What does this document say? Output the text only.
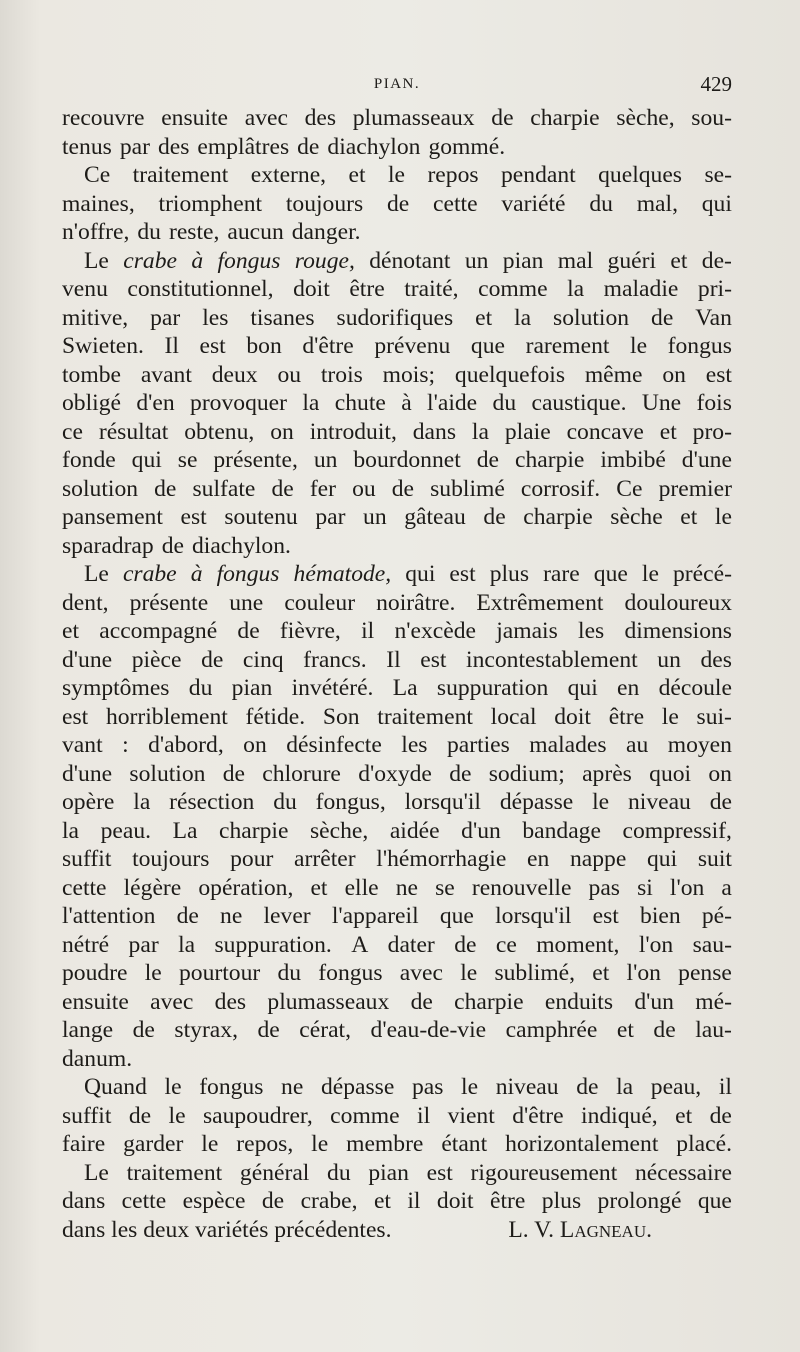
PIAN.	429
recouvre ensuite avec des plumasseaux de charpie sèche, sou-
tenus par des emplâtres de diachylon gommé.
Ce traitement externe, et le repos pendant quelques se-
maines, triomphent toujours de cette variété du mal, qui
n'offre, du reste, aucun danger.
Le crabe à fongus rouge, dénotant un pian mal guéri et de-
venu constitutionnel, doit être traité, comme la maladie pri-
mitive, par les tisanes sudorifiques et la solution de Van
Swieten. Il est bon d'être prévenu que rarement le fongus
tombe avant deux ou trois mois; quelquefois même on est
obligé d'en provoquer la chute à l'aide du caustique. Une fois
ce résultat obtenu, on introduit, dans la plaie concave et pro-
fonde qui se présente, un bourdonnet de charpie imbibé d'une
solution de sulfate de fer ou de sublimé corrosif. Ce premier
pansement est soutenu par un gâteau de charpie sèche et le
sparadrap de diachylon.
Le crabe à fongus hématode, qui est plus rare que le précé-
dent, présente une couleur noirâtre. Extrêmement douloureux
et accompagné de fièvre, il n'excède jamais les dimensions
d'une pièce de cinq francs. Il est incontestablement un des
symptômes du pian invétéré. La suppuration qui en découle
est horriblement fétide. Son traitement local doit être le sui-
vant : d'abord, on désinfecte les parties malades au moyen
d'une solution de chlorure d'oxyde de sodium; après quoi on
opère la résection du fongus, lorsqu'il dépasse le niveau de
la peau. La charpie sèche, aidée d'un bandage compressif,
suffit toujours pour arrêter l'hémorrhagie en nappe qui suit
cette légère opération, et elle ne se renouvelle pas si l'on a
l'attention de ne lever l'appareil que lorsqu'il est bien pé-
nétré par la suppuration. A dater de ce moment, l'on sau-
poudre le pourtour du fongus avec le sublimé, et l'on pense
ensuite avec des plumasseaux de charpie enduits d'un mé-
lange de styrax, de cérat, d'eau-de-vie camphrée et de lau-
danum.
Quand le fongus ne dépasse pas le niveau de la peau, il
suffit de le saupoudrer, comme il vient d'être indiqué, et de
faire garder le repos, le membre étant horizontalement placé.
Le traitement général du pian est rigoureusement nécessaire
dans cette espèce de crabe, et il doit être plus prolongé que
dans les deux variétés précédentes.	L. V. Lagneau.
